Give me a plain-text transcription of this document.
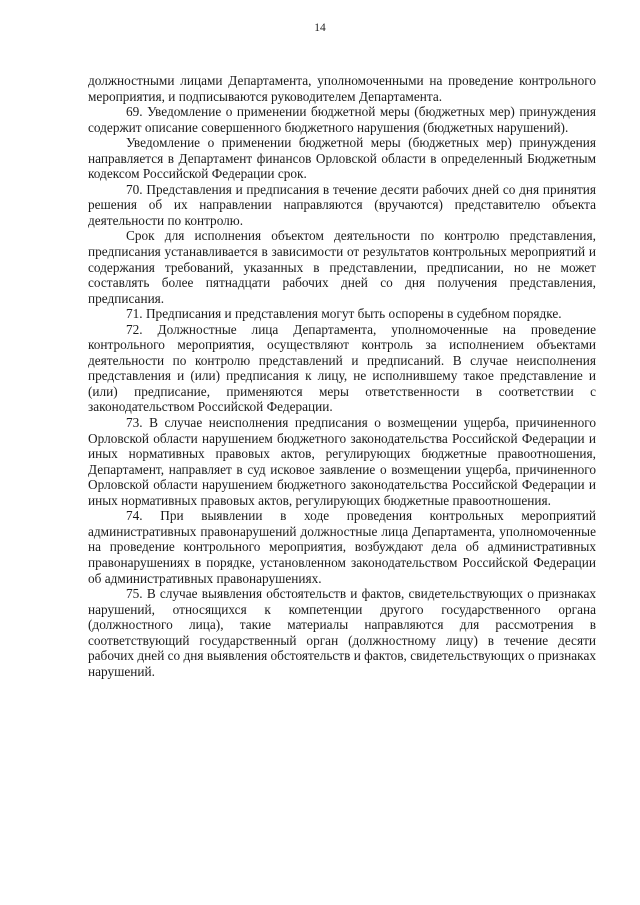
14

должностными лицами Департамента, уполномоченными на проведение контрольного мероприятия, и подписываются руководителем Департамента.

69. Уведомление о применении бюджетной меры (бюджетных мер) принуждения содержит описание совершенного бюджетного нарушения (бюджетных нарушений).

Уведомление о применении бюджетной меры (бюджетных мер) принуждения направляется в Департамент финансов Орловской области в определенный Бюджетным кодексом Российской Федерации срок.

70. Представления и предписания в течение десяти рабочих дней со дня принятия решения об их направлении направляются (вручаются) представителю объекта деятельности по контролю.

Срок для исполнения объектом деятельности по контролю представления, предписания устанавливается в зависимости от результатов контрольных мероприятий и содержания требований, указанных в представлении, предписании, но не может составлять более пятнадцати рабочих дней со дня получения представления, предписания.

71. Предписания и представления могут быть оспорены в судебном порядке.

72. Должностные лица Департамента, уполномоченные на проведение контрольного мероприятия, осуществляют контроль за исполнением объектами деятельности по контролю представлений и предписаний. В случае неисполнения представления и (или) предписания к лицу, не исполнившему такое представление и (или) предписание, применяются меры ответственности в соответствии с законодательством Российской Федерации.

73. В случае неисполнения предписания о возмещении ущерба, причиненного Орловской области нарушением бюджетного законодательства Российской Федерации и иных нормативных правовых актов, регулирующих бюджетные правоотношения, Департамент, направляет в суд исковое заявление о возмещении ущерба, причиненного Орловской области нарушением бюджетного законодательства Российской Федерации и иных нормативных правовых актов, регулирующих бюджетные правоотношения.

74. При выявлении в ходе проведения контрольных мероприятий административных правонарушений должностные лица Департамента, уполномоченные на проведение контрольного мероприятия, возбуждают дела об административных правонарушениях в порядке, установленном законодательством Российской Федерации об административных правонарушениях.

75. В случае выявления обстоятельств и фактов, свидетельствующих о признаках нарушений, относящихся к компетенции другого государственного органа (должностного лица), такие материалы направляются для рассмотрения в соответствующий государственный орган (должностному лицу) в течение десяти рабочих дней со дня выявления обстоятельств и фактов, свидетельствующих о признаках нарушений.
